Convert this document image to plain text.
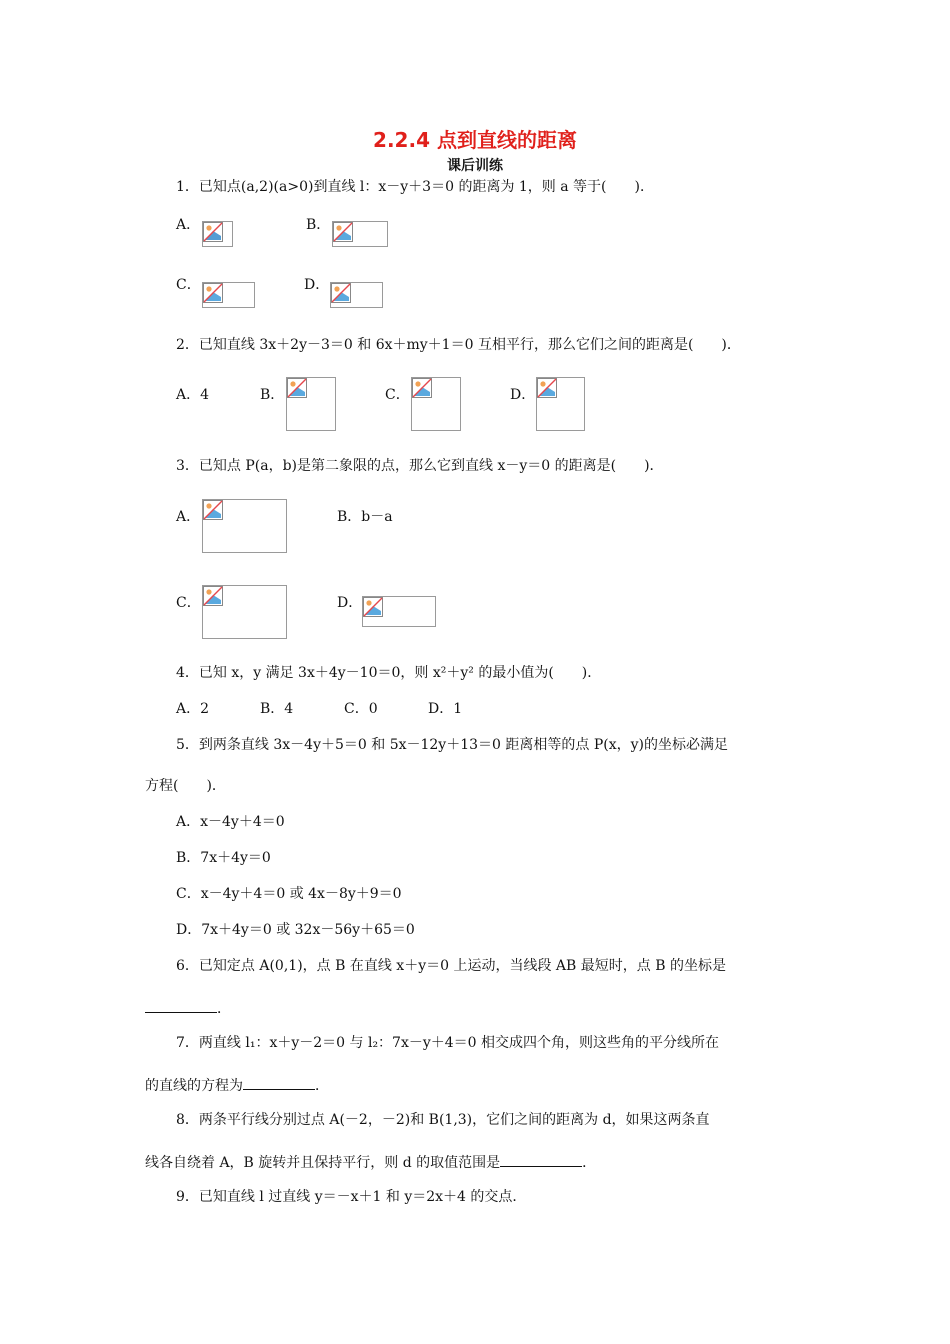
2.2.4 点到直线的距离
课后训练
1．已知点(a,2)(a>0)到直线 l：x－y＋3＝0 的距离为 1，则 a 等于(　　)．
A．	B．
C．	D．
2．已知直线 3x＋2y－3＝0 和 6x＋my＋1＝0 互相平行，那么它们之间的距离是(　　)．
A．4	B．	C．	D．
3．已知点 P(a，b)是第二象限的点，那么它到直线 x－y＝0 的距离是(　　)．
A．	B．b－a
C．	D．
4．已知 x，y 满足 3x＋4y－10＝0，则 x²＋y² 的最小值为(　　)．
A．2	B．4	C．0	D．1
5．到两条直线 3x－4y＋5＝0 和 5x－12y＋13＝0 距离相等的点 P(x，y)的坐标必满足
方程(　　)．
A．x－4y＋4＝0
B．7x＋4y＝0
C．x－4y＋4＝0 或 4x－8y＋9＝0
D．7x＋4y＝0 或 32x－56y＋65＝0
6．已知定点 A(0,1)，点 B 在直线 x＋y＝0 上运动，当线段 AB 最短时，点 B 的坐标是
．
7．两直线 l₁：x＋y－2＝0 与 l₂：7x－y＋4＝0 相交成四个角，则这些角的平分线所在
的直线的方程为	．
8．两条平行线分别过点 A(－2，－2)和 B(1,3)，它们之间的距离为 d，如果这两条直
线各自绕着 A，B 旋转并且保持平行，则 d 的取值范围是	．
9．已知直线 l 过直线 y＝－x＋1 和 y＝2x＋4 的交点．
